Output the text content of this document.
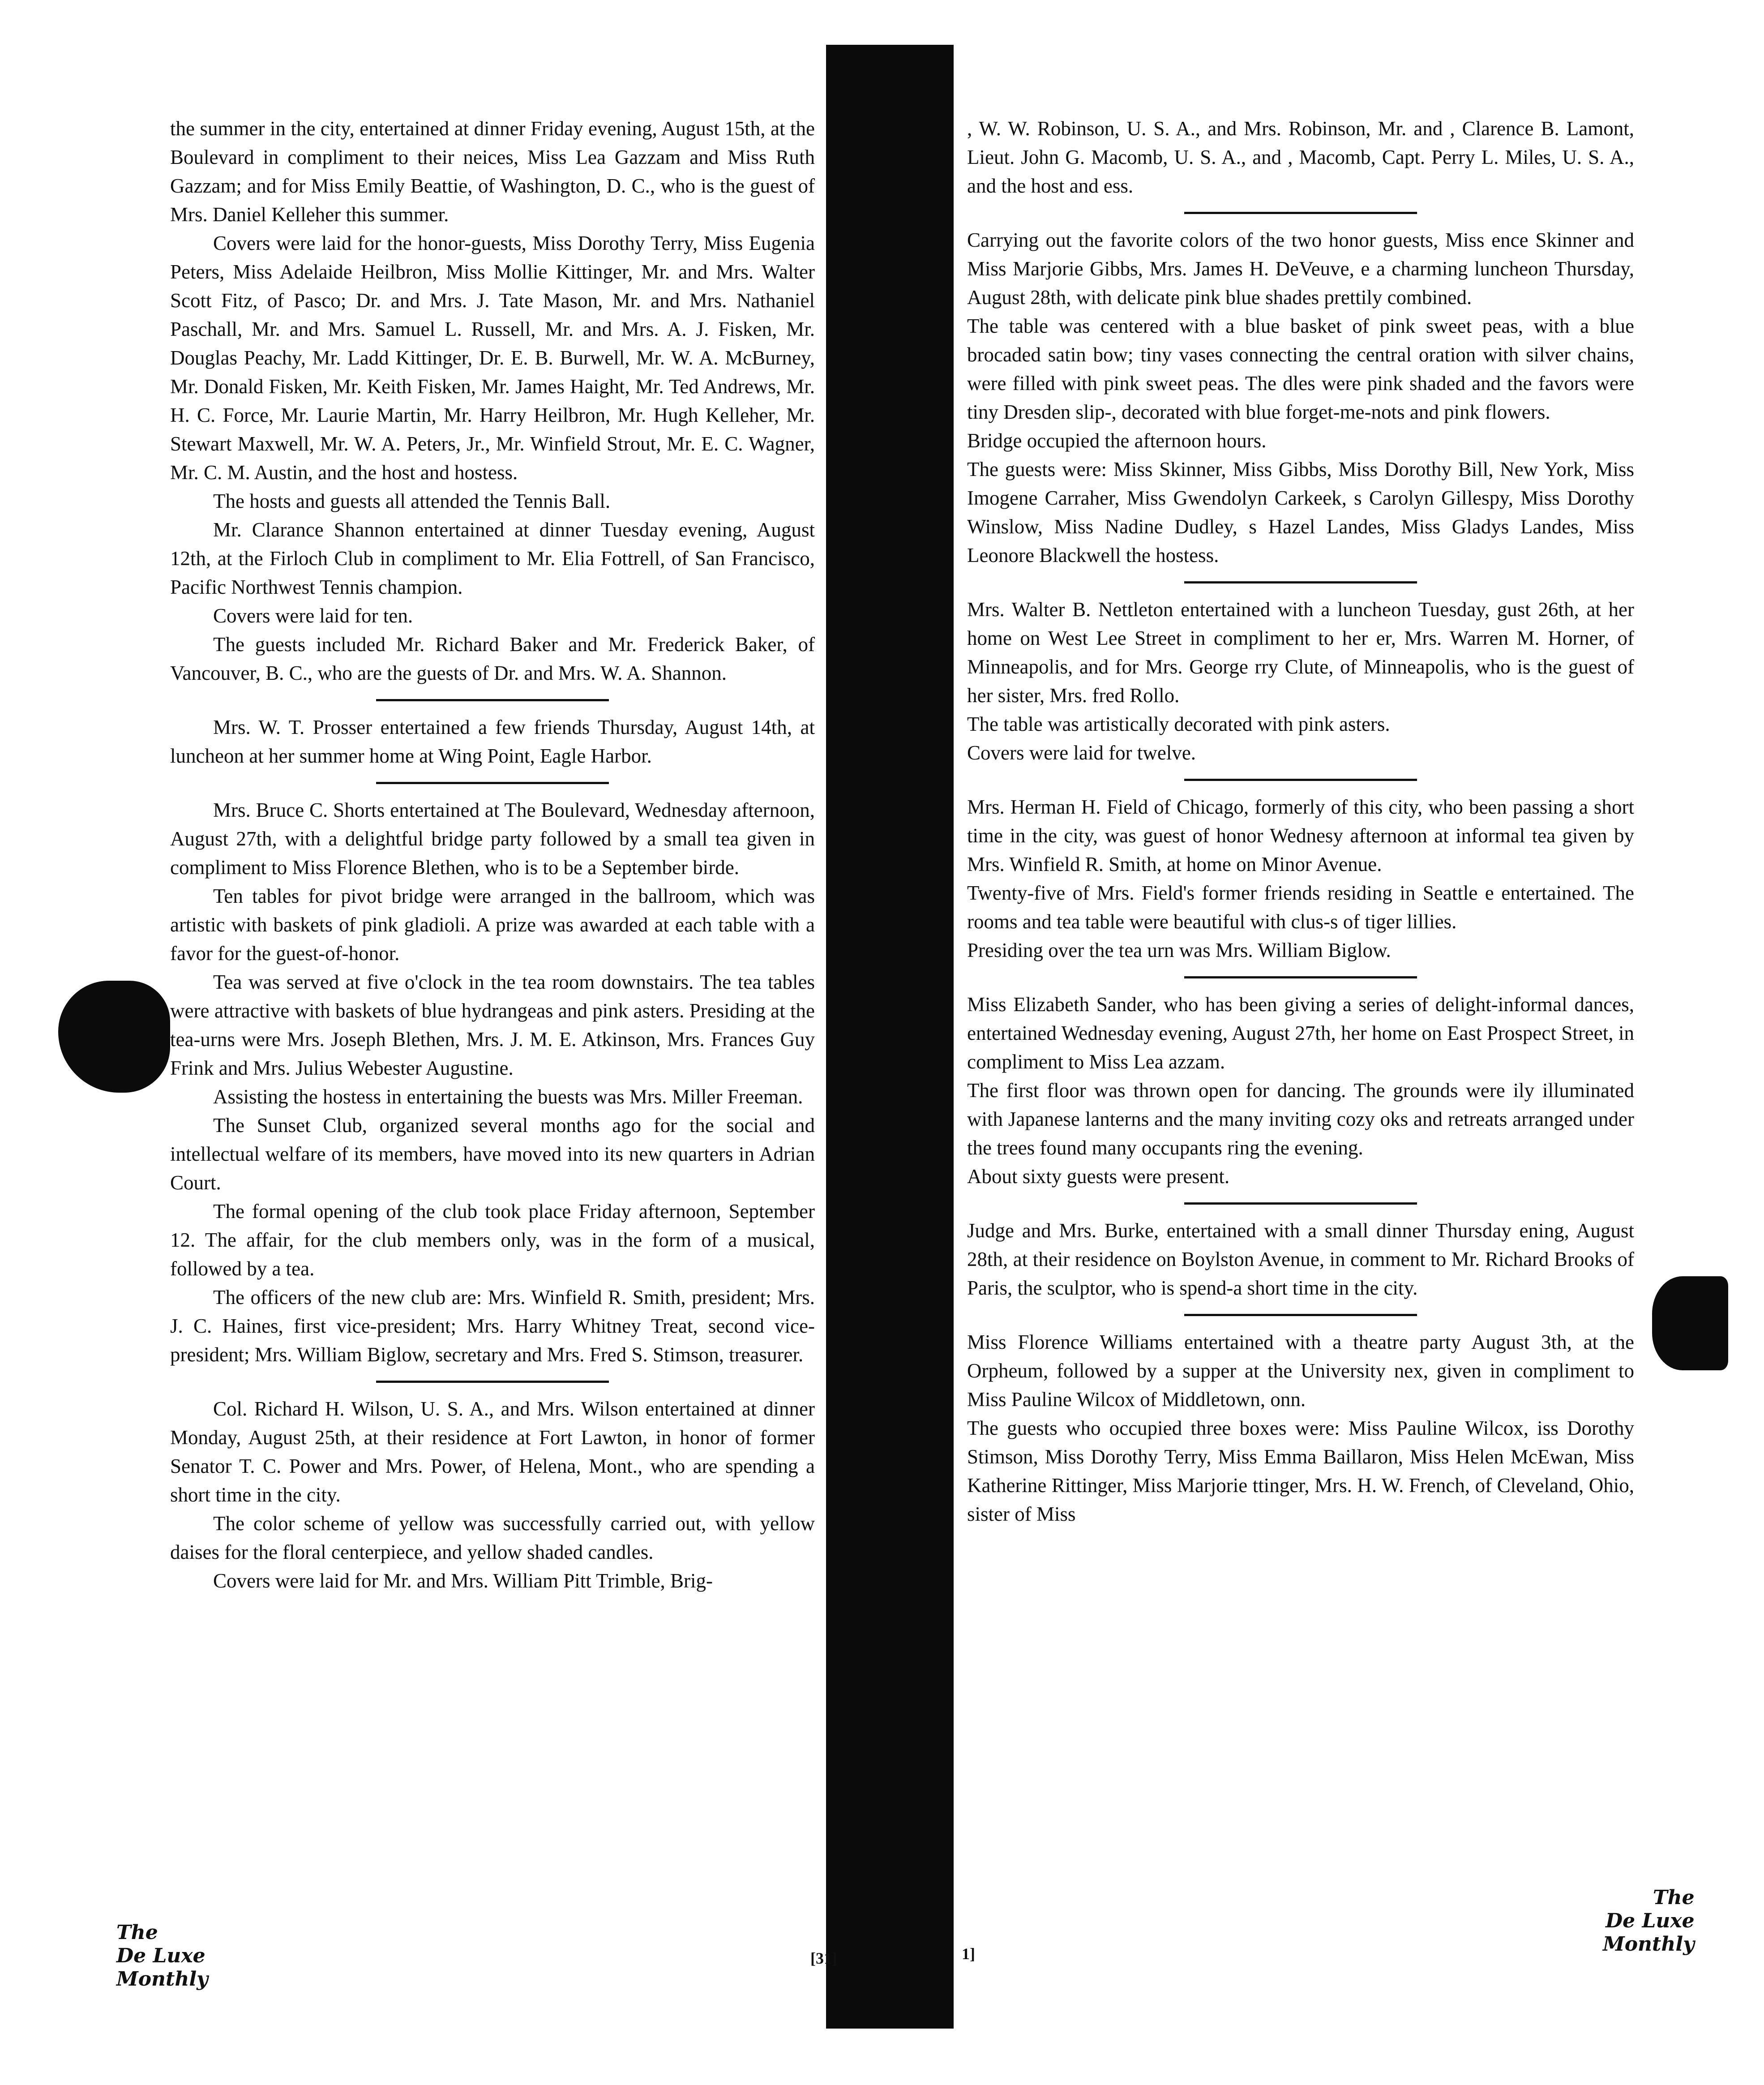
the summer in the city, entertained at dinner Friday evening, August 15th, at the Boulevard in compliment to their neices, Miss Lea Gazzam and Miss Ruth Gazzam; and for Miss Emily Beattie, of Washington, D. C., who is the guest of Mrs. Daniel Kelleher this summer.

Covers were laid for the honor-guests, Miss Dorothy Terry, Miss Eugenia Peters, Miss Adelaide Heilbron, Miss Mollie Kittinger, Mr. and Mrs. Walter Scott Fitz, of Pasco; Dr. and Mrs. J. Tate Mason, Mr. and Mrs. Nathaniel Paschall, Mr. and Mrs. Samuel L. Russell, Mr. and Mrs. A. J. Fisken, Mr. Douglas Peachy, Mr. Ladd Kittinger, Dr. E. B. Burwell, Mr. W. A. McBurney, Mr. Donald Fisken, Mr. Keith Fisken, Mr. James Haight, Mr. Ted Andrews, Mr. H. C. Force, Mr. Laurie Martin, Mr. Harry Heilbron, Mr. Hugh Kelleher, Mr. Stewart Maxwell, Mr. W. A. Peters, Jr., Mr. Winfield Strout, Mr. E. C. Wagner, Mr. C. M. Austin, and the host and hostess.

The hosts and guests all attended the Tennis Ball.

Mr. Clarance Shannon entertained at dinner Tuesday evening, August 12th, at the Firloch Club in compliment to Mr. Elia Fottrell, of San Francisco, Pacific Northwest Tennis champion.

Covers were laid for ten.

The guests included Mr. Richard Baker and Mr. Frederick Baker, of Vancouver, B. C., who are the guests of Dr. and Mrs. W. A. Shannon.

Mrs. W. T. Prosser entertained a few friends Thursday, August 14th, at luncheon at her summer home at Wing Point, Eagle Harbor.

Mrs. Bruce C. Shorts entertained at The Boulevard, Wednesday afternoon, August 27th, with a delightful bridge party followed by a small tea given in compliment to Miss Florence Blethen, who is to be a September birde.

Ten tables for pivot bridge were arranged in the ballroom, which was artistic with baskets of pink gladioli. A prize was awarded at each table with a favor for the guest-of-honor.

Tea was served at five o'clock in the tea room downstairs. The tea tables were attractive with baskets of blue hydrangeas and pink asters. Presiding at the tea-urns were Mrs. Joseph Blethen, Mrs. J. M. E. Atkinson, Mrs. Frances Guy Frink and Mrs. Julius Webester Augustine.

Assisting the hostess in entertaining the buests was Mrs. Miller Freeman.

The Sunset Club, organized several months ago for the social and intellectual welfare of its members, have moved into its new quarters in Adrian Court.

The formal opening of the club took place Friday afternoon, September 12. The affair, for the club members only, was in the form of a musical, followed by a tea.

The officers of the new club are: Mrs. Winfield R. Smith, president; Mrs. J. C. Haines, first vice-president; Mrs. Harry Whitney Treat, second vice-president; Mrs. William Biglow, secretary and Mrs. Fred S. Stimson, treasurer.

Col. Richard H. Wilson, U. S. A., and Mrs. Wilson entertained at dinner Monday, August 25th, at their residence at Fort Lawton, in honor of former Senator T. C. Power and Mrs. Power, of Helena, Mont., who are spending a short time in the city.

The color scheme of yellow was successfully carried out, with yellow daises for the floral centerpiece, and yellow shaded candles.

Covers were laid for Mr. and Mrs. William Pitt Trimble, Brig-

, W. W. Robinson, U. S. A., and Mrs. Robinson, Mr. and , Clarence B. Lamont, Lieut. John G. Macomb, U. S. A., and , Macomb, Capt. Perry L. Miles, U. S. A., and the host and ess.

Carrying out the favorite colors of the two honor guests, Miss ence Skinner and Miss Marjorie Gibbs, Mrs. James H. DeVeuve, e a charming luncheon Thursday, August 28th, with delicate pink blue shades prettily combined.

The table was centered with a blue basket of pink sweet peas, with a blue brocaded satin bow; tiny vases connecting the central oration with silver chains, were filled with pink sweet peas. The dles were pink shaded and the favors were tiny Dresden slip-, decorated with blue forget-me-nots and pink flowers.

Bridge occupied the afternoon hours.

The guests were: Miss Skinner, Miss Gibbs, Miss Dorothy Bill, New York, Miss Imogene Carraher, Miss Gwendolyn Carkeek, s Carolyn Gillespy, Miss Dorothy Winslow, Miss Nadine Dudley, s Hazel Landes, Miss Gladys Landes, Miss Leonore Blackwell the hostess.

Mrs. Walter B. Nettleton entertained with a luncheon Tuesday, gust 26th, at her home on West Lee Street in compliment to her er, Mrs. Warren M. Horner, of Minneapolis, and for Mrs. George rry Clute, of Minneapolis, who is the guest of her sister, Mrs. fred Rollo.

The table was artistically decorated with pink asters.

Covers were laid for twelve.

Mrs. Herman H. Field of Chicago, formerly of this city, who been passing a short time in the city, was guest of honor Wednesy afternoon at informal tea given by Mrs. Winfield R. Smith, at home on Minor Avenue.

Twenty-five of Mrs. Field's former friends residing in Seattle e entertained. The rooms and tea table were beautiful with clus-s of tiger lillies.

Presiding over the tea urn was Mrs. William Biglow.

Miss Elizabeth Sander, who has been giving a series of delight-informal dances, entertained Wednesday evening, August 27th, her home on East Prospect Street, in compliment to Miss Lea azzam.

The first floor was thrown open for dancing. The grounds were ily illuminated with Japanese lanterns and the many inviting cozy oks and retreats arranged under the trees found many occupants ring the evening.

About sixty guests were present.

Judge and Mrs. Burke, entertained with a small dinner Thursday ening, August 28th, at their residence on Boylston Avenue, in comment to Mr. Richard Brooks of Paris, the sculptor, who is spend-a short time in the city.

Miss Florence Williams entertained with a theatre party August 3th, at the Orpheum, followed by a supper at the University nex, given in compliment to Miss Pauline Wilcox of Middletown, onn.

The guests who occupied three boxes were: Miss Pauline Wilcox, iss Dorothy Stimson, Miss Dorothy Terry, Miss Emma Baillaron, Miss Helen McEwan, Miss Katherine Rittinger, Miss Marjorie ttinger, Mrs. H. W. French, of Cleveland, Ohio, sister of Miss

[31]	1]
The
De Luxe
Monthly
The
De Luxe
Monthly
